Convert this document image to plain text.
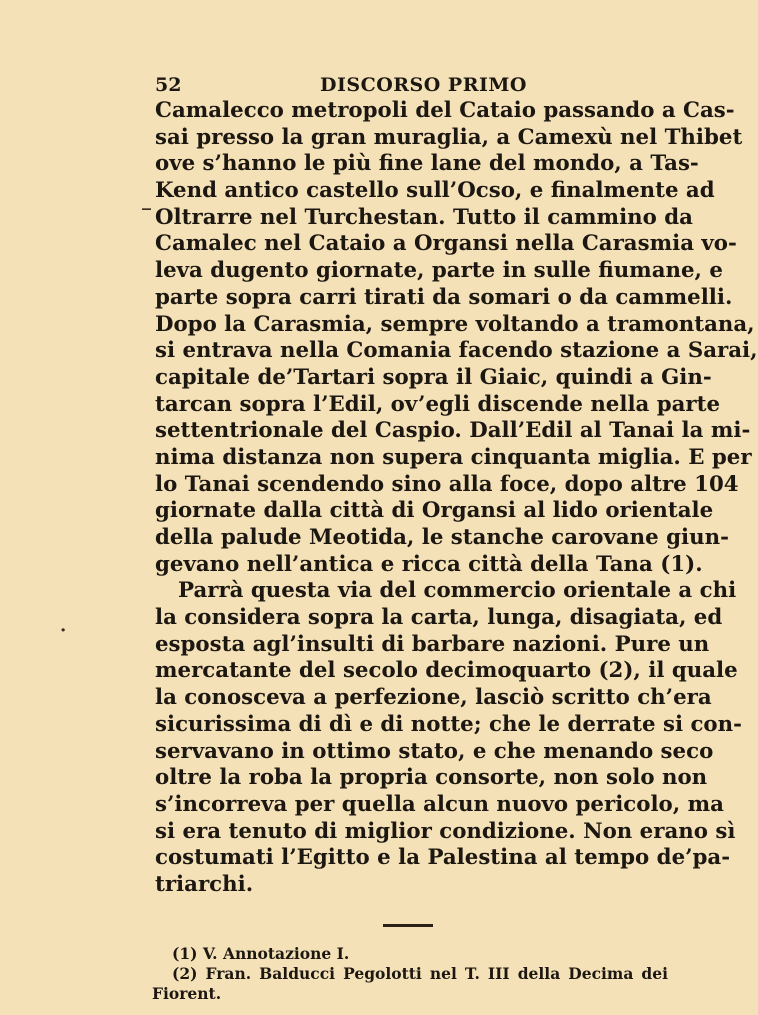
52	DISCORSO PRIMO
Camalecco metropoli del Cataio passando a Cas-
sai presso la gran muraglia, a Camexù nel Thibet
ove s’hanno le più fine lane del mondo, a Tas-
Kend antico castello sull’Ocso, e finalmente ad
Oltrarre nel Turchestan. Tutto il cammino da
Camalec nel Cataio a Organsi nella Carasmia vo-
leva dugento giornate, parte in sulle fiumane, e
parte sopra carri tirati da somari o da cammelli.
Dopo la Carasmia, sempre voltando a tramontana,
si entrava nella Comania facendo stazione a Sarai,
capitale de’Tartari sopra il Giaic, quindi a Gin-
tarcan sopra l’Edil, ov’egli discende nella parte
settentrionale del Caspio. Dall’Edil al Tanai la mi-
nima distanza non supera cinquanta miglia. E per
lo Tanai scendendo sino alla foce, dopo altre 104
giornate dalla città di Organsi al lido orientale
della palude Meotida, le stanche carovane giun-
gevano nell’antica e ricca città della Tana (1).
Parrà questa via del commercio orientale a chi
la considera sopra la carta, lunga, disagiata, ed
esposta agl’insulti di barbare nazioni. Pure un
mercatante del secolo decimoquarto (2), il quale
la conosceva a perfezione, lasciò scritto ch’era
sicurissima di dì e di notte; che le derrate si con-
servavano in ottimo stato, e che menando seco
oltre la roba la propria consorte, non solo non
s’incorreva per quella alcun nuovo pericolo, ma
si era tenuto di miglior condizione. Non erano sì
costumati l’Egitto e la Palestina al tempo de’pa-
triarchi.
_
·
(1) V. Annotazione I.
(2) Fran. Balducci Pegolotti nel T. III della Decima dei
Fiorent.
